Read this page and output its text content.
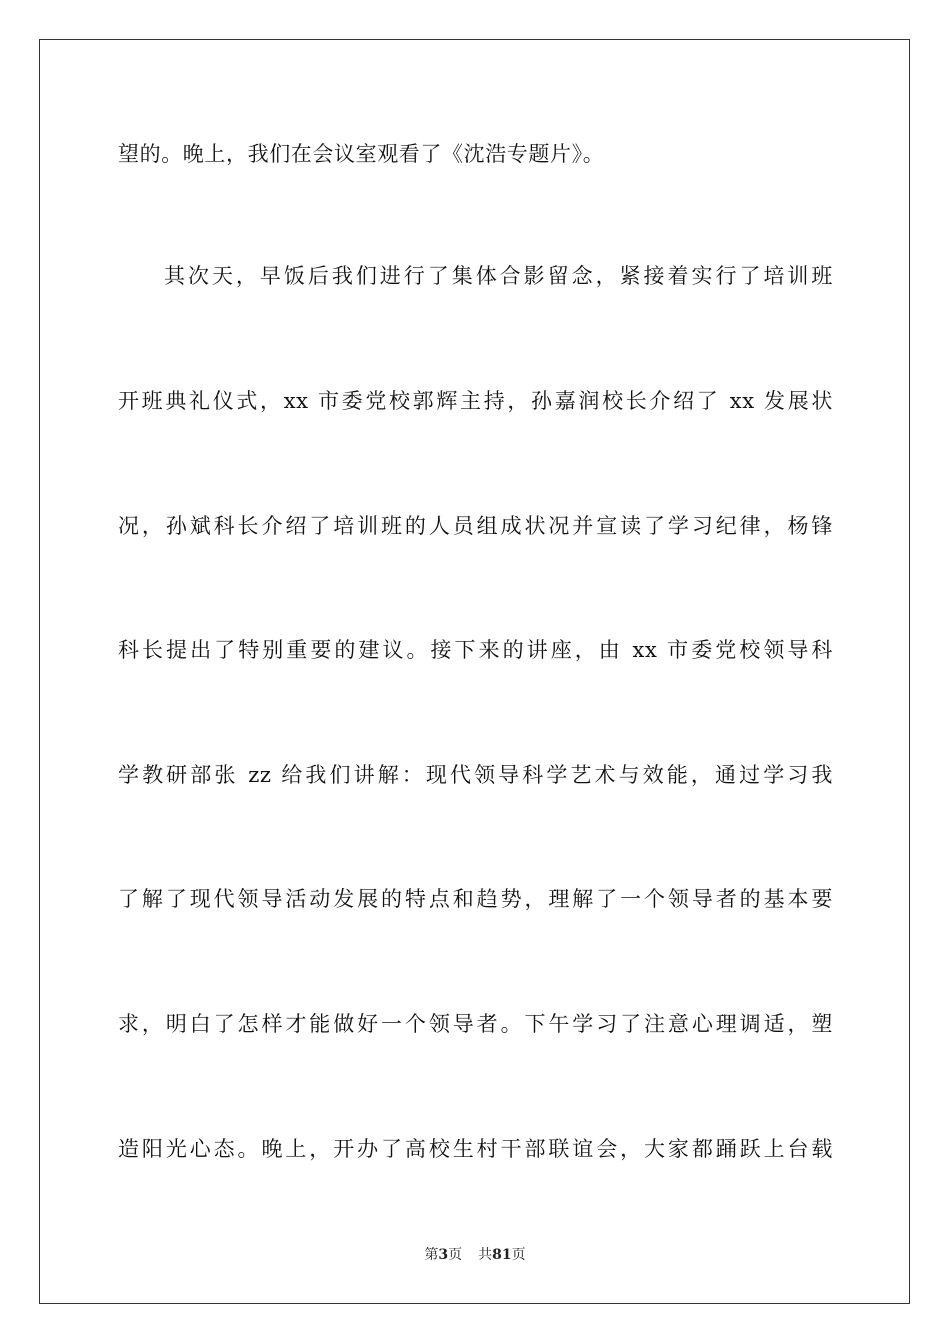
望的。晚上，我们在会议室观看了《沈浩专题片》。
其次天，早饭后我们进行了集体合影留念，紧接着实行了培训班
开班典礼仪式，xx 市委党校郭辉主持，孙嘉润校长介绍了 xx 发展状
况，孙斌科长介绍了培训班的人员组成状况并宣读了学习纪律，杨锋
科长提出了特别重要的建议。接下来的讲座，由 xx 市委党校领导科
学教研部张 zz 给我们讲解：现代领导科学艺术与效能，通过学习我
了解了现代领导活动发展的特点和趋势，理解了一个领导者的基本要
求，明白了怎样才能做好一个领导者。下午学习了注意心理调适，塑
造阳光心态。晚上，开办了高校生村干部联谊会，大家都踊跃上台载
第3页 共81页
